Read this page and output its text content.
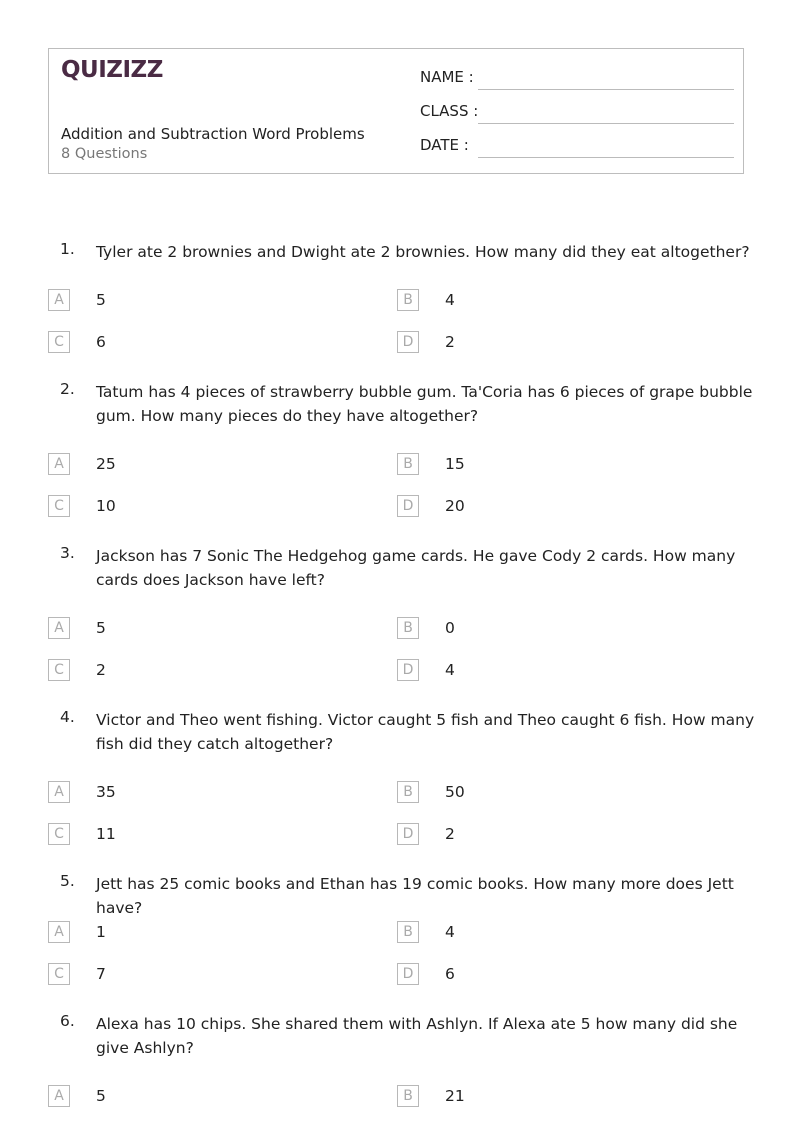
QUIZIZZ
Addition and Subtraction Word Problems
8 Questions
NAME :
CLASS :
DATE :
1. Tyler ate 2 brownies and Dwight ate 2 brownies. How many did they eat altogether?
A	5	B	4
C	6	D	2
2. Tatum has 4 pieces of strawberry bubble gum. Ta'Coria has 6 pieces of grape bubble gum. How many pieces do they have altogether?
A	25	B	15
C	10	D	20
3. Jackson has 7 Sonic The Hedgehog game cards. He gave Cody 2 cards. How many cards does Jackson have left?
A	5	B	0
C	2	D	4
4. Victor and Theo went fishing. Victor caught 5 fish and Theo caught 6 fish. How many fish did they catch altogether?
A	35	B	50
C	11	D	2
5. Jett has 25 comic books and Ethan has 19 comic books. How many more does Jett have?
A	1	B	4
C	7	D	6
6. Alexa has 10 chips. She shared them with Ashlyn. If Alexa ate 5 how many did she give Ashlyn?
A	5	B	21
